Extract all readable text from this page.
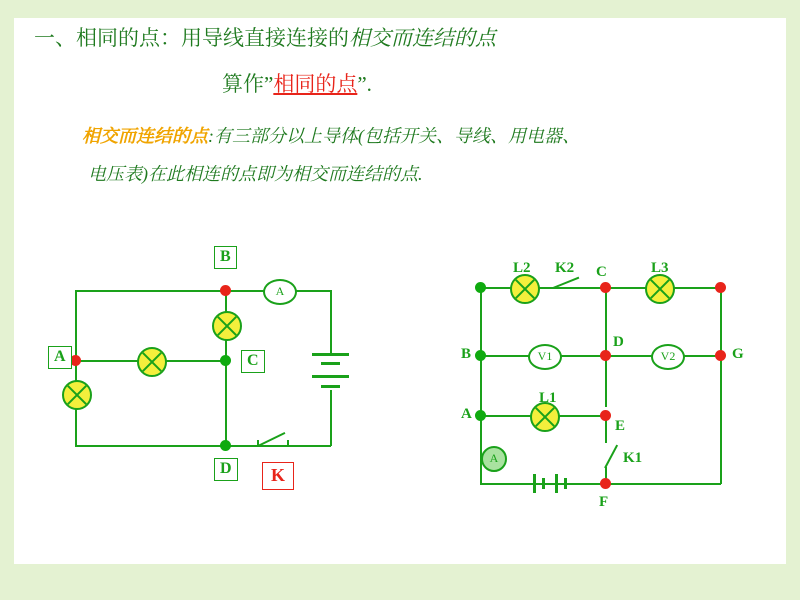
一、相同的点：用导线直接连接的相交而连结的点
算作”相同的点”.
相交而连结的点:有三部分以上导体(包括开关、导线、用电器、
电压表)在此相连的点即为相交而连结的点.
A
B
A	C
D	K
V1	V2
A
L2 K2	L3
L1
K1
C
B
D
G
A
E
F
